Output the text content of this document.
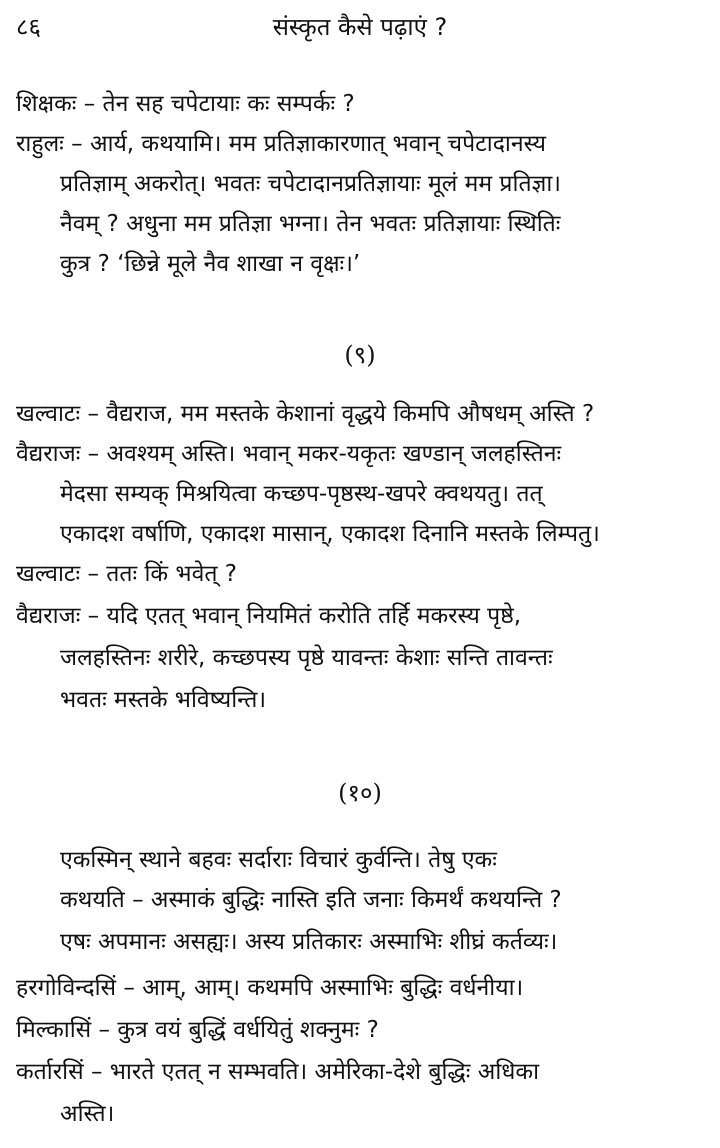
८६	संस्कृत कैसे पढ़ाएं ?
शिक्षकः – तेन सह चपेटायाः कः सम्पर्कः ?
राहुलः – आर्य, कथयामि। मम प्रतिज्ञाकारणात् भवान् चपेटादानस्य
प्रतिज्ञाम् अकरोत्। भवतः चपेटादानप्रतिज्ञायाः मूलं मम प्रतिज्ञा।
नैवम् ? अधुना मम प्रतिज्ञा भग्ना। तेन भवतः प्रतिज्ञायाः स्थितिः
कुत्र ? ‘छिन्ने मूले नैव शाखा न वृक्षः।’
(९)
खल्वाटः – वैद्यराज, मम मस्तके केशानां वृद्धये किमपि औषधम् अस्ति ?
वैद्यराजः – अवश्यम् अस्ति। भवान् मकर-यकृतः खण्डान् जलहस्तिनः
मेदसा सम्यक् मिश्रयित्वा कच्छप-पृष्ठस्थ-खपरे क्वथयतु। तत्
एकादश वर्षाणि, एकादश मासान्, एकादश दिनानि मस्तके लिम्पतु।
खल्वाटः – ततः किं भवेत् ?
वैद्यराजः – यदि एतत् भवान् नियमितं करोति तर्हि मकरस्य पृष्ठे,
जलहस्तिनः शरीरे, कच्छपस्य पृष्ठे यावन्तः केशाः सन्ति तावन्तः
भवतः मस्तके भविष्यन्ति।
(१०)
एकस्मिन् स्थाने बहवः सर्दाराः विचारं कुर्वन्ति। तेषु एकः
कथयति – अस्माकं बुद्धिः नास्ति इति जनाः किमर्थं कथयन्ति ?
एषः अपमानः असह्यः। अस्य प्रतिकारः अस्माभिः शीघ्रं कर्तव्यः।
हरगोविन्दसिं – आम्, आम्। कथमपि अस्माभिः बुद्धिः वर्धनीया।
मिल्कासिं – कुत्र वयं बुद्धिं वर्धयितुं शक्नुमः ?
कर्तारसिं – भारते एतत् न सम्भवति। अमेरिका-देशे बुद्धिः अधिका
अस्ति।
